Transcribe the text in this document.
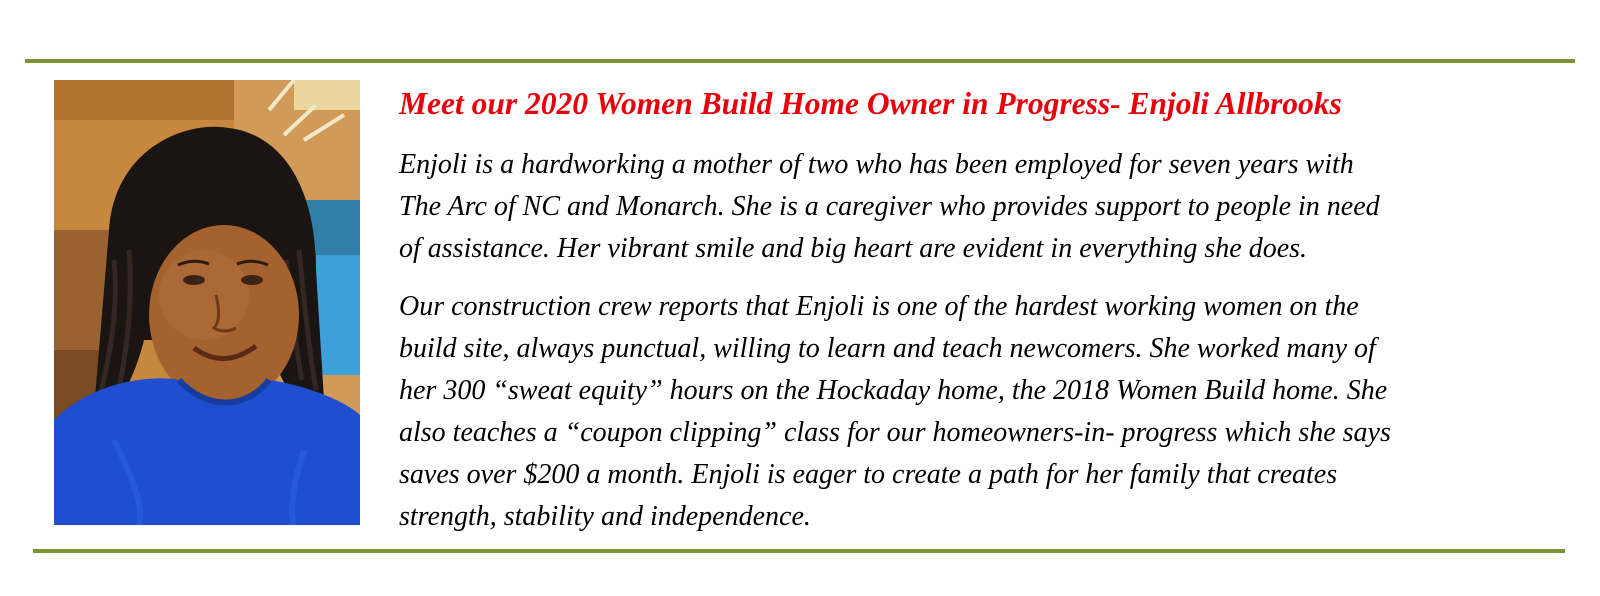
Meet our 2020 Women Build Home Owner in Progress- Enjoli Allbrooks

Enjoli is a hardworking a mother of two who has been employed for seven years with
The Arc of NC and Monarch. She is a caregiver who provides support to people in need
of assistance. Her vibrant smile and big heart are evident in everything she does.

Our construction crew reports that Enjoli is one of the hardest working women on the
build site, always punctual, willing to learn and teach newcomers. She worked many of
her 300 “sweat equity” hours on the Hockaday home, the 2018 Women Build home. She
also teaches a “coupon clipping” class for our homeowners-in- progress which she says
saves over $200 a month. Enjoli is eager to create a path for her family that creates
strength, stability and independence.
